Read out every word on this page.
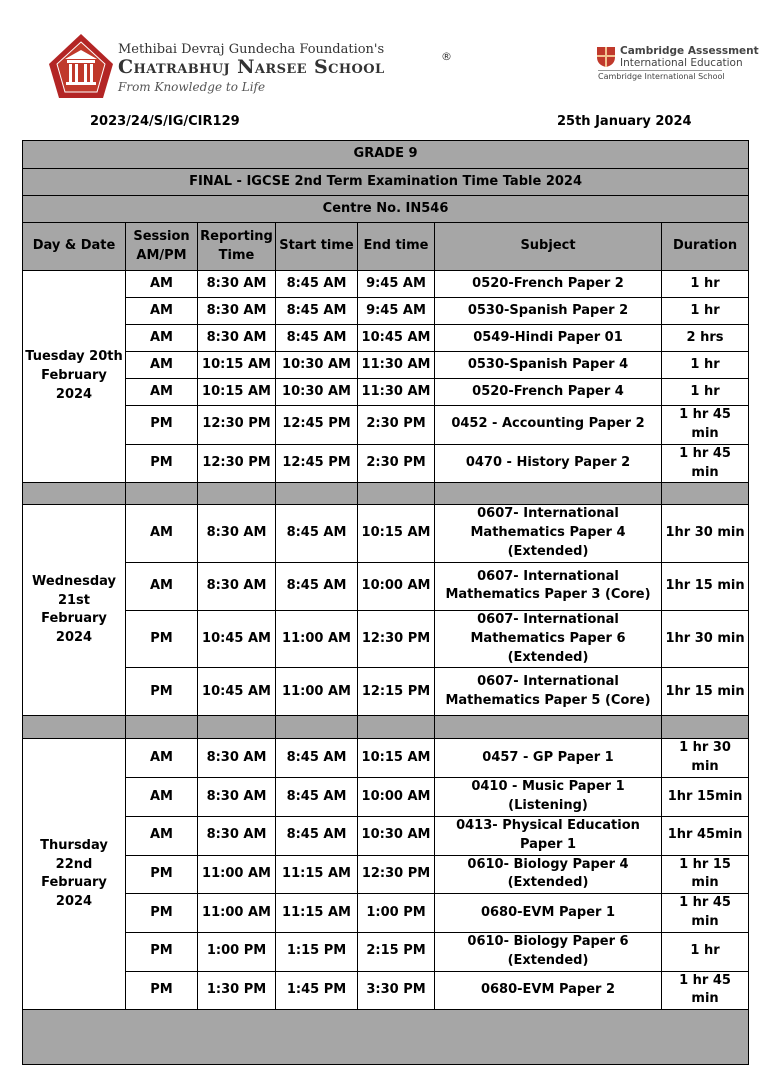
Methibai Devraj Gundecha Foundation's
Chatrabhuj Narsee School	®
From Knowledge to Life
Cambridge Assessment
International Education
Cambridge International School
2023/24/S/IG/CIR129	25th January 2024
GRADE 9						
FINAL - IGCSE 2nd Term Examination Time Table 2024						
Centre No. IN546						
Day & Date	Session AM/PM	Reporting Time	Start time	End time	Subject	Duration
Tuesday 20th February 2024	AM	8:30 AM	8:45 AM	9:45 AM	0520-French Paper 2	1 hr
	AM	8:30 AM	8:45 AM	9:45 AM	0530-Spanish Paper 2	1 hr
	AM	8:30 AM	8:45 AM	10:45 AM	0549-Hindi Paper 01	2 hrs
	AM	10:15 AM	10:30 AM	11:30 AM	0530-Spanish Paper 4	1 hr
	AM	10:15 AM	10:30 AM	11:30 AM	0520-French Paper 4	1 hr
	PM	12:30 PM	12:45 PM	2:30 PM	0452 - Accounting Paper 2	1 hr 45 min
	PM	12:30 PM	12:45 PM	2:30 PM	0470 - History Paper 2	1 hr 45 min

Wednesday 21st February 2024	AM	8:30 AM	8:45 AM	10:15 AM	0607- International Mathematics Paper 4 (Extended)	1hr 30 min
	AM	8:30 AM	8:45 AM	10:00 AM	0607- International Mathematics Paper 3 (Core)	1hr 15 min
	PM	10:45 AM	11:00 AM	12:30 PM	0607- International Mathematics Paper 6 (Extended)	1hr 30 min
	PM	10:45 AM	11:00 AM	12:15 PM	0607- International Mathematics Paper 5 (Core)	1hr 15 min

Thursday 22nd February 2024	AM	8:30 AM	8:45 AM	10:15 AM	0457 - GP Paper 1	1 hr 30 min
	AM	8:30 AM	8:45 AM	10:00 AM	0410 - Music Paper 1 (Listening)	1hr 15min
	AM	8:30 AM	8:45 AM	10:30 AM	0413- Physical Education Paper 1	1hr 45min
	PM	11:00 AM	11:15 AM	12:30 PM	0610- Biology Paper 4 (Extended)	1 hr 15 min
	PM	11:00 AM	11:15 AM	1:00 PM	0680-EVM Paper 1	1 hr 45 min
	PM	1:00 PM	1:15 PM	2:15 PM	0610- Biology Paper 6 (Extended)	1 hr
	PM	1:30 PM	1:45 PM	3:30 PM	0680-EVM Paper 2	1 hr 45 min
